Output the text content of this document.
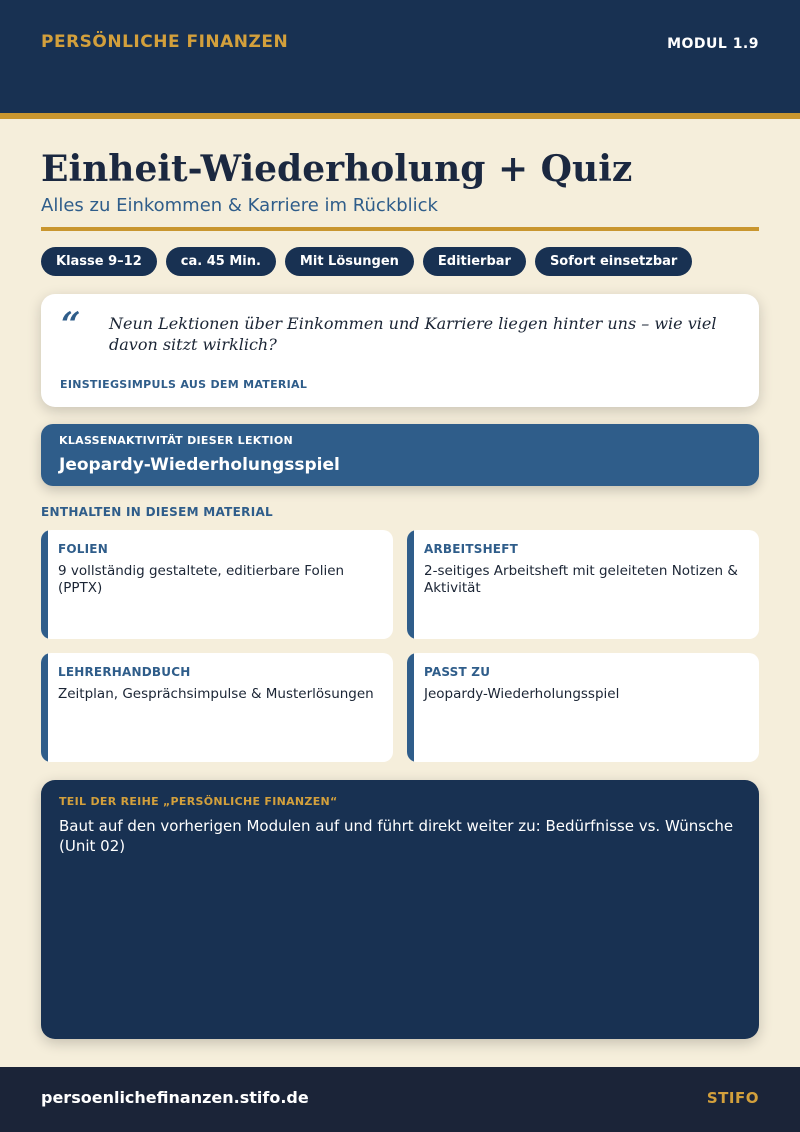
PERSÖNLICHE FINANZEN	MODUL 1.9
Einheit-Wiederholung + Quiz
Alles zu Einkommen & Karriere im Rückblick
Klasse 9–12	ca. 45 Min.	Mit Lösungen	Editierbar	Sofort einsetzbar
“ Neun Lektionen über Einkommen und Karriere liegen hinter uns – wie viel davon sitzt wirklich?
EINSTIEGSIMPULS AUS DEM MATERIAL
KLASSENAKTIVITÄT DIESER LEKTION
Jeopardy-Wiederholungsspiel
ENTHALTEN IN DIESEM MATERIAL
FOLIEN
9 vollständig gestaltete, editierbare Folien (PPTX)
ARBEITSHEFT
2-seitiges Arbeitsheft mit geleiteten Notizen & Aktivität
LEHRERHANDBUCH
Zeitplan, Gesprächsimpulse & Musterlösungen
PASST ZU
Jeopardy-Wiederholungsspiel
TEIL DER REIHE „PERSÖNLICHE FINANZEN“
Baut auf den vorherigen Modulen auf und führt direkt weiter zu: Bedürfnisse vs. Wünsche (Unit 02)
persoenlichefinanzen.stifo.de	STIFO
